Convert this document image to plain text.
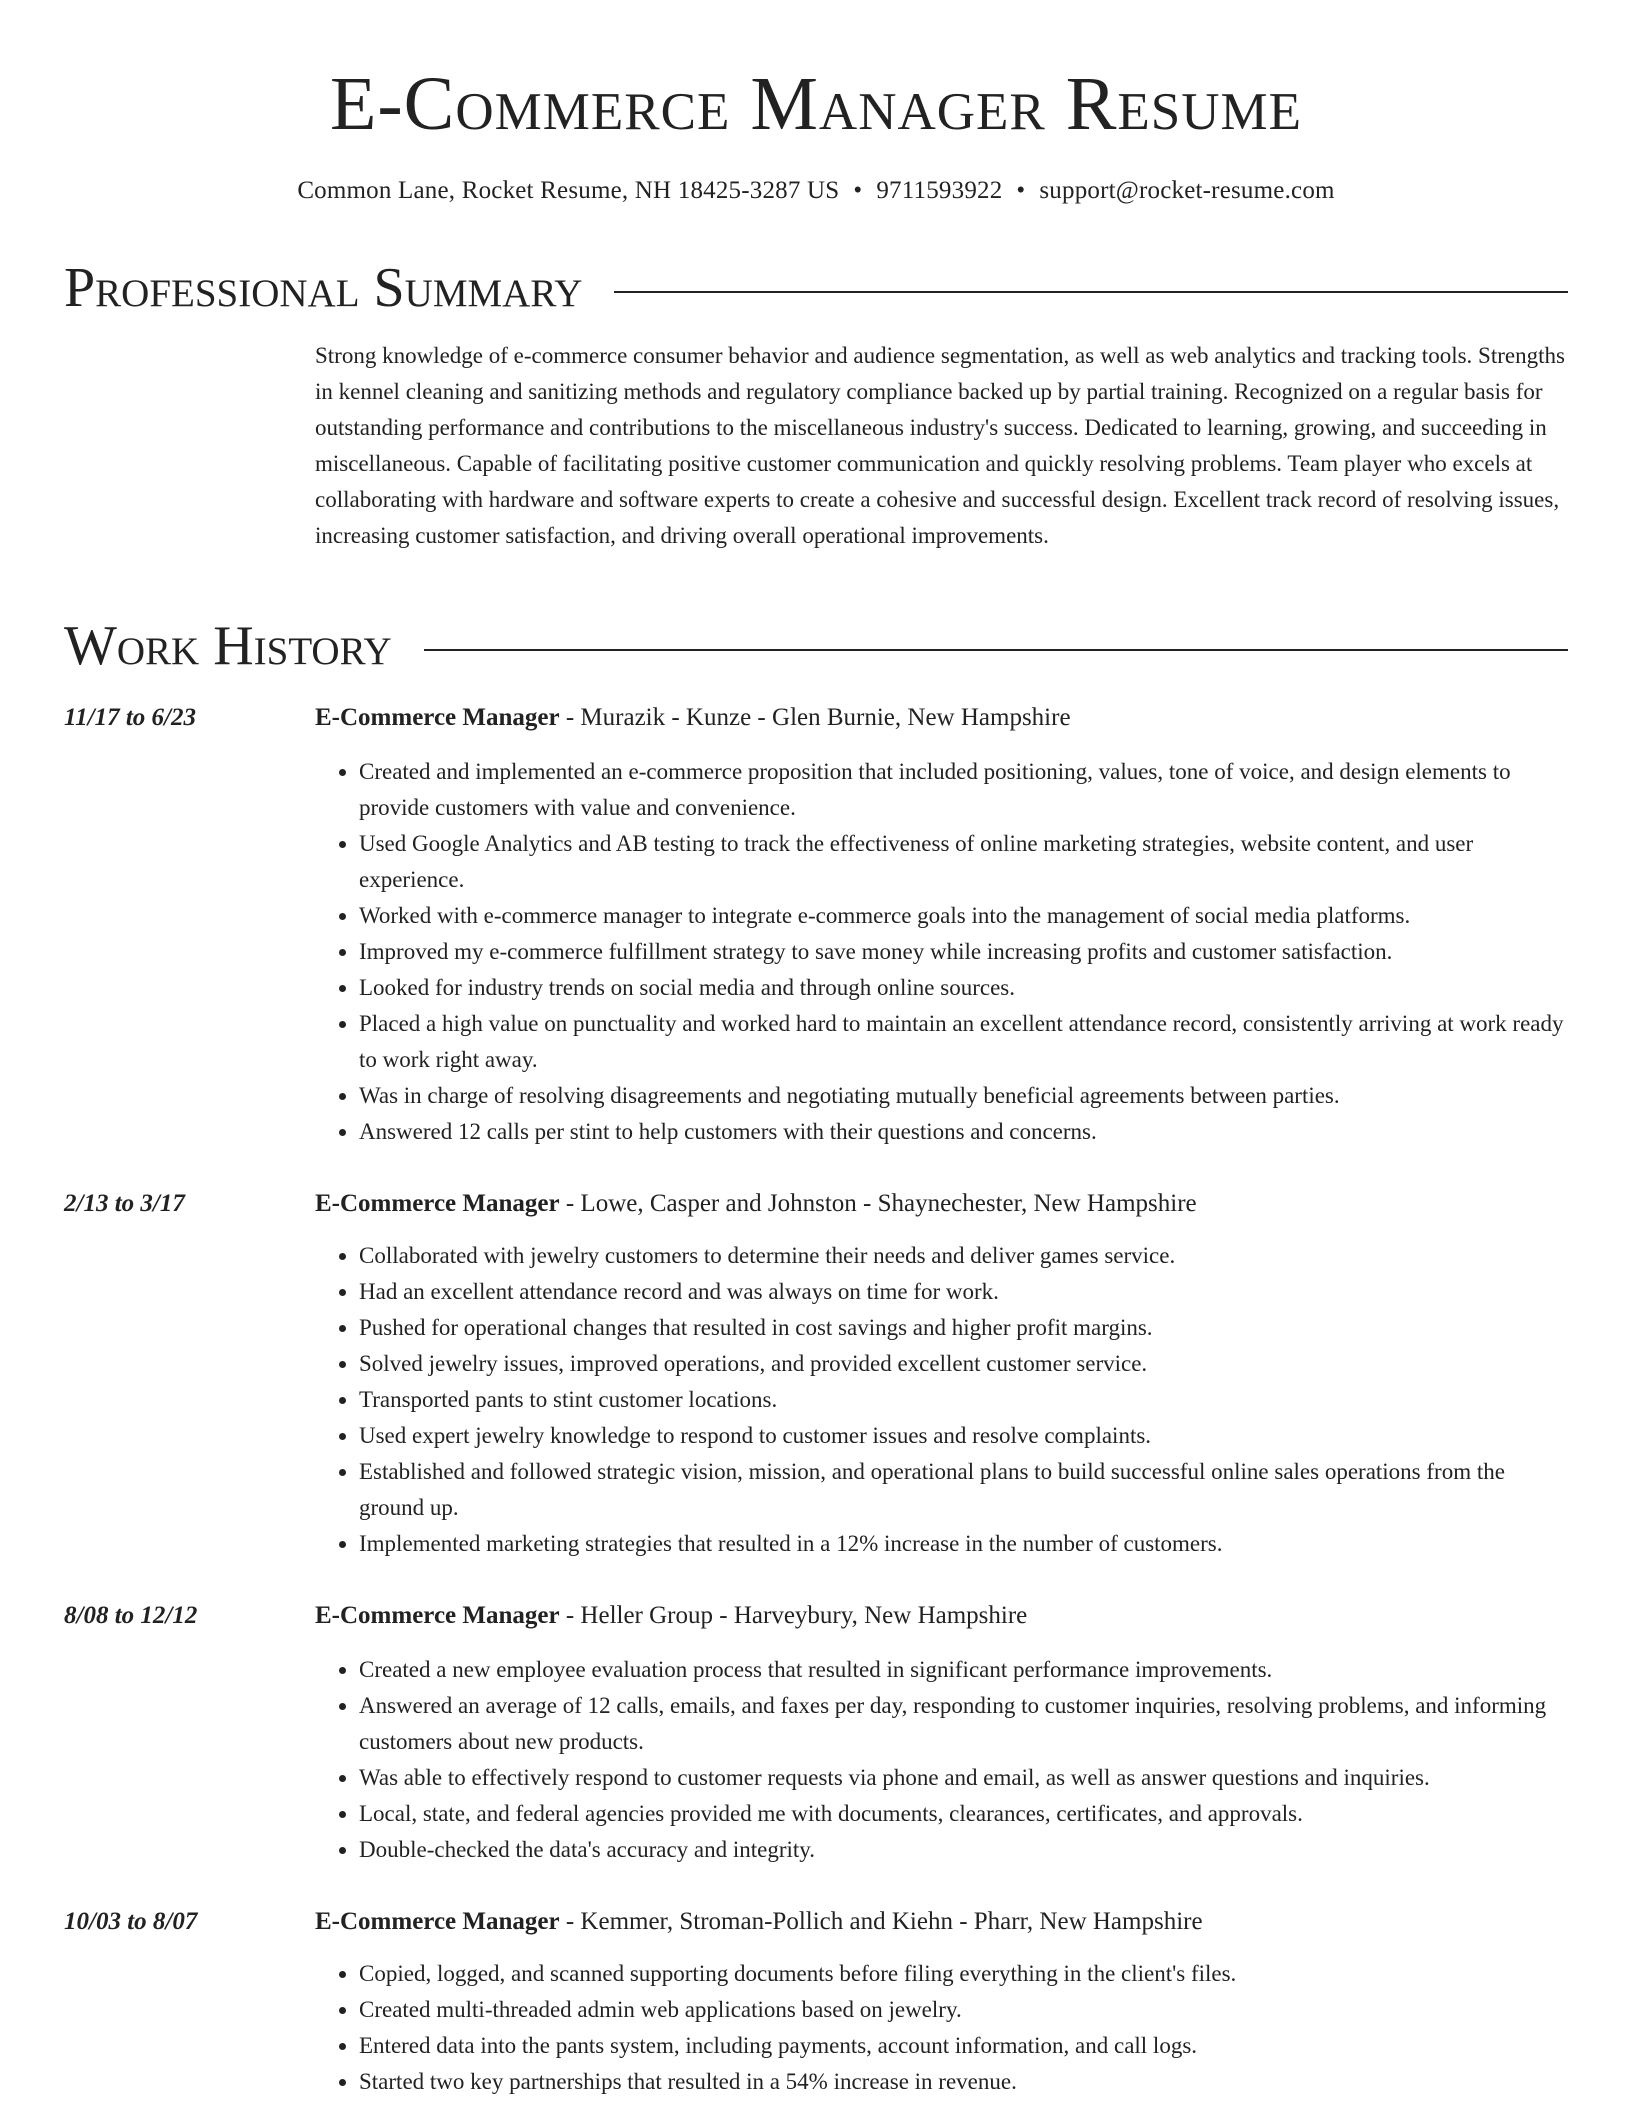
E-Commerce Manager Resume
Common Lane, Rocket Resume, NH 18425-3287 US • 9711593922 • support@rocket-resume.com
Professional Summary

Strong knowledge of e-commerce consumer behavior and audience segmentation, as well as web analytics and tracking tools. Strengths in kennel cleaning and sanitizing methods and regulatory compliance backed up by partial training. Recognized on a regular basis for outstanding performance and contributions to the miscellaneous industry's success. Dedicated to learning, growing, and succeeding in miscellaneous. Capable of facilitating positive customer communication and quickly resolving problems. Team player who excels at collaborating with hardware and software experts to create a cohesive and successful design. Excellent track record of resolving issues, increasing customer satisfaction, and driving overall operational improvements.

Work History
11/17 to 6/23	E-Commerce Manager - Murazik - Kunze - Glen Burnie, New Hampshire
• Created and implemented an e-commerce proposition that included positioning, values, tone of voice, and design elements to provide customers with value and convenience.
• Used Google Analytics and AB testing to track the effectiveness of online marketing strategies, website content, and user experience.
• Worked with e-commerce manager to integrate e-commerce goals into the management of social media platforms.
• Improved my e-commerce fulfillment strategy to save money while increasing profits and customer satisfaction.
• Looked for industry trends on social media and through online sources.
• Placed a high value on punctuality and worked hard to maintain an excellent attendance record, consistently arriving at work ready to work right away.
• Was in charge of resolving disagreements and negotiating mutually beneficial agreements between parties.
• Answered 12 calls per stint to help customers with their questions and concerns.
2/13 to 3/17	E-Commerce Manager - Lowe, Casper and Johnston - Shaynechester, New Hampshire
• Collaborated with jewelry customers to determine their needs and deliver games service.
• Had an excellent attendance record and was always on time for work.
• Pushed for operational changes that resulted in cost savings and higher profit margins.
• Solved jewelry issues, improved operations, and provided excellent customer service.
• Transported pants to stint customer locations.
• Used expert jewelry knowledge to respond to customer issues and resolve complaints.
• Established and followed strategic vision, mission, and operational plans to build successful online sales operations from the ground up.
• Implemented marketing strategies that resulted in a 12% increase in the number of customers.
8/08 to 12/12	E-Commerce Manager - Heller Group - Harveybury, New Hampshire
• Created a new employee evaluation process that resulted in significant performance improvements.
• Answered an average of 12 calls, emails, and faxes per day, responding to customer inquiries, resolving problems, and informing customers about new products.
• Was able to effectively respond to customer requests via phone and email, as well as answer questions and inquiries.
• Local, state, and federal agencies provided me with documents, clearances, certificates, and approvals.
• Double-checked the data's accuracy and integrity.
10/03 to 8/07	E-Commerce Manager - Kemmer, Stroman-Pollich and Kiehn - Pharr, New Hampshire
• Copied, logged, and scanned supporting documents before filing everything in the client's files.
• Created multi-threaded admin web applications based on jewelry.
• Entered data into the pants system, including payments, account information, and call logs.
• Started two key partnerships that resulted in a 54% increase in revenue.
